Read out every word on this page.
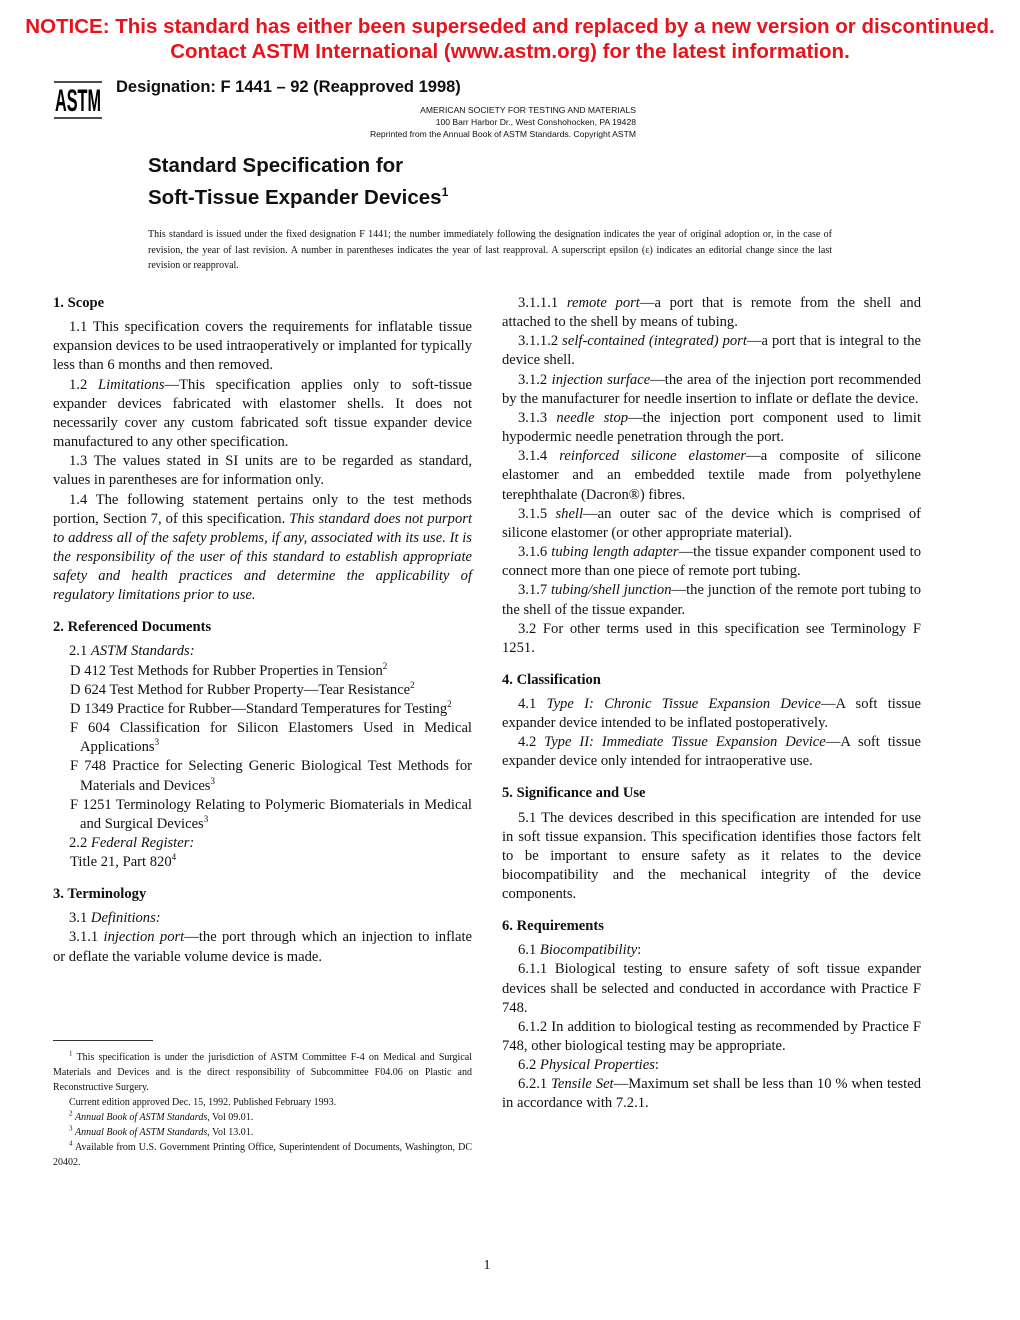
NOTICE: This standard has either been superseded and replaced by a new version or discontinued.
Contact ASTM International (www.astm.org) for the latest information.
ASTM Designation: F 1441 – 92 (Reapproved 1998)
AMERICAN SOCIETY FOR TESTING AND MATERIALS
100 Barr Harbor Dr., West Conshohocken, PA 19428
Reprinted from the Annual Book of ASTM Standards. Copyright ASTM
Standard Specification for
Soft-Tissue Expander Devices$^1$
This standard is issued under the fixed designation F 1441; the number immediately following the designation indicates the year of original adoption or, in the case of revision, the year of last revision. A number in parentheses indicates the year of last reapproval. A superscript epsilon (ε) indicates an editorial change since the last revision or reapproval.

1. Scope

1.1 This specification covers the requirements for inflatable tissue expansion devices to be used intraoperatively or implanted for typically less than 6 months and then removed.

1.2 Limitations—This specification applies only to soft-tissue expander devices fabricated with elastomer shells. It does not necessarily cover any custom fabricated soft tissue expander device manufactured to any other specification.

1.3 The values stated in SI units are to be regarded as standard, values in parentheses are for information only.

1.4 The following statement pertains only to the test methods portion, Section 7, of this specification. This standard does not purport to address all of the safety problems, if any, associated with its use. It is the responsibility of the user of this standard to establish appropriate safety and health practices and determine the applicability of regulatory limitations prior to use.

2. Referenced Documents

2.1 ASTM Standards:

D 412 Test Methods for Rubber Properties in Tension$^2$

D 624 Test Method for Rubber Property—Tear Resistance$^2$

D 1349 Practice for Rubber—Standard Temperatures for Testing$^2$

F 604 Classification for Silicon Elastomers Used in Medical Applications$^3$

F 748 Practice for Selecting Generic Biological Test Methods for Materials and Devices$^3$

F 1251 Terminology Relating to Polymeric Biomaterials in Medical and Surgical Devices$^3$

2.2 Federal Register:

Title 21, Part $820^4$

3. Terminology

3.1 Definitions:

3.1.1 injection port—the port through which an injection to inflate or deflate the variable volume device is made.

3.1.1.1 remote port—a port that is remote from the shell and attached to the shell by means of tubing.

3.1.1.2 self-contained (integrated) port—a port that is integral to the device shell.

3.1.2 injection surface—the area of the injection port recommended by the manufacturer for needle insertion to inflate or deflate the device.

3.1.3 needle stop—the injection port component used to limit hypodermic needle penetration through the port.

3.1.4 reinforced silicone elastomer—a composite of silicone elastomer and an embedded textile made from polyethylene terephthalate (Dacron®) fibres.

3.1.5 shell—an outer sac of the device which is comprised of silicone elastomer (or other appropriate material).

3.1.6 tubing length adapter—the tissue expander component used to connect more than one piece of remote port tubing.

3.1.7 tubing/shell junction—the junction of the remote port tubing to the shell of the tissue expander.

3.2 For other terms used in this specification see Terminology F 1251.

4. Classification

4.1 Type I: Chronic Tissue Expansion Device—A soft tissue expander device intended to be inflated postoperatively.

4.2 Type II: Immediate Tissue Expansion Device—A soft tissue expander device only intended for intraoperative use.

5. Significance and Use

5.1 The devices described in this specification are intended for use in soft tissue expansion. This specification identifies those factors felt to be important to ensure safety as it relates to the device biocompatibility and the mechanical integrity of the device components.

6. Requirements

6.1 Biocompatibility:

6.1.1 Biological testing to ensure safety of soft tissue expander devices shall be selected and conducted in accordance with Practice F 748.

6.1.2 In addition to biological testing as recommended by Practice F 748, other biological testing may be appropriate.

6.2 Physical Properties:

6.2.1 Tensile Set—Maximum set shall be less than 10 % when tested in accordance with 7.2.1.

$^1$ This specification is under the jurisdiction of ASTM Committee F-4 on Medical and Surgical Materials and Devices and is the direct responsibility of Subcommittee F04.06 on Plastic and Reconstructive Surgery.

Current edition approved Dec. 15, 1992. Published February 1993.

$^2$ Annual Book of ASTM Standards, Vol 09.01.

$^3$ Annual Book of ASTM Standards, Vol 13.01.

$^4$ Available from U.S. Government Printing Office, Superintendent of Documents, Washington, DC 20402.

1
